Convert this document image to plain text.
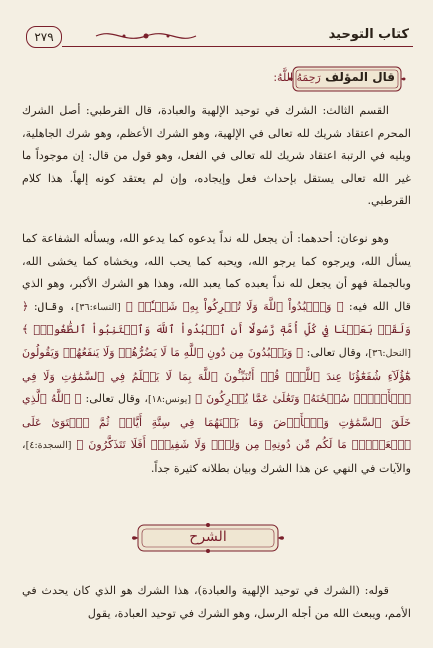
٢٧٩	كتاب التوحيد
قال المؤلف رَحِمَهُ اللَّهُ:

القسم الثالث: الشرك في توحيد الإلهية والعبادة، قال القرطبي: أصل الشرك المحرم اعتقاد شريك لله تعالى في الإلهية، وهو الشرك الأعظم، وهو شرك الجاهلية، ويليه في الرتبة اعتقاد شريك لله تعالى في الفعل، وهو قول من قال: إن موجوداً ما غير الله تعالى يستقل بإحداث فعل وإيجاده، وإن لم يعتقد كونه إلهاً. هذا كلام القرطبي.

وهو نوعان: أحدهما: أن يجعل لله نداً يدعوه كما يدعو الله، ويسأله الشفاعة كما يسأل الله، ويرجوه كما يرجو الله، ويحبه كما يحب الله، ويخشاه كما يخشى الله، وبالجملة فهو أن يجعل لله نداً يعبده كما يعبد الله، وهذا هو الشرك الأكبر، وهو الذي قال الله فيه: ﴿ وَٱعۡبُدُواْ ٱللَّهَ وَلَا تُشۡرِكُواْ بِهِۦ شَيۡـٔٗاۖ ﴾ [النساء:٣٦]، وقال: ﴿ وَلَقَدۡ بَعَثۡنَا فِي كُلِّ أُمَّةٖ رَّسُولًا أَنِ ٱعۡبُدُواْ ٱللَّهَ وَٱجۡتَنِبُواْ ٱلطَّٰغُوتَۖ ﴾ [النحل:٣٦]، وقال تعالى: ﴿ وَيَعۡبُدُونَ مِن دُونِ ٱللَّهِ مَا لَا يَضُرُّهُمۡ وَلَا يَنفَعُهُمۡ وَيَقُولُونَ هَٰٓؤُلَآءِ شُفَعَٰٓؤُنَا عِندَ ٱللَّهِۚ قُلۡ أَتُنَبِّـُٔونَ ٱللَّهَ بِمَا لَا يَعۡلَمُ فِي ٱلسَّمَٰوَٰتِ وَلَا فِي ٱلۡأَرۡضِۚ سُبۡحَٰنَهُۥ وَتَعَٰلَىٰ عَمَّا يُشۡرِكُونَ ﴾ [يونس:١٨]، وقال تعالى: ﴿ ٱللَّهُ ٱلَّذِي خَلَقَ ٱلسَّمَٰوَٰتِ وَٱلۡأَرۡضَ وَمَا بَيۡنَهُمَا فِي سِتَّةِ أَيَّامٖ ثُمَّ ٱسۡتَوَىٰ عَلَى ٱلۡعَرۡشِۖ مَا لَكُم مِّن دُونِهِۦ مِن وَلِيّٖ وَلَا شَفِيعٍۚ أَفَلَا تَتَذَكَّرُونَ ﴾ [السجدة:٤]، والآيات في النهي عن هذا الشرك وبيان بطلانه كثيرة جداً.

الشرح

قوله: (الشرك في توحيد الإلهية والعبادة)، هذا الشرك هو الذي كان يحدث في الأمم، ويبعث الله من أجله الرسل، وهو الشرك في توحيد العبادة، يقول
